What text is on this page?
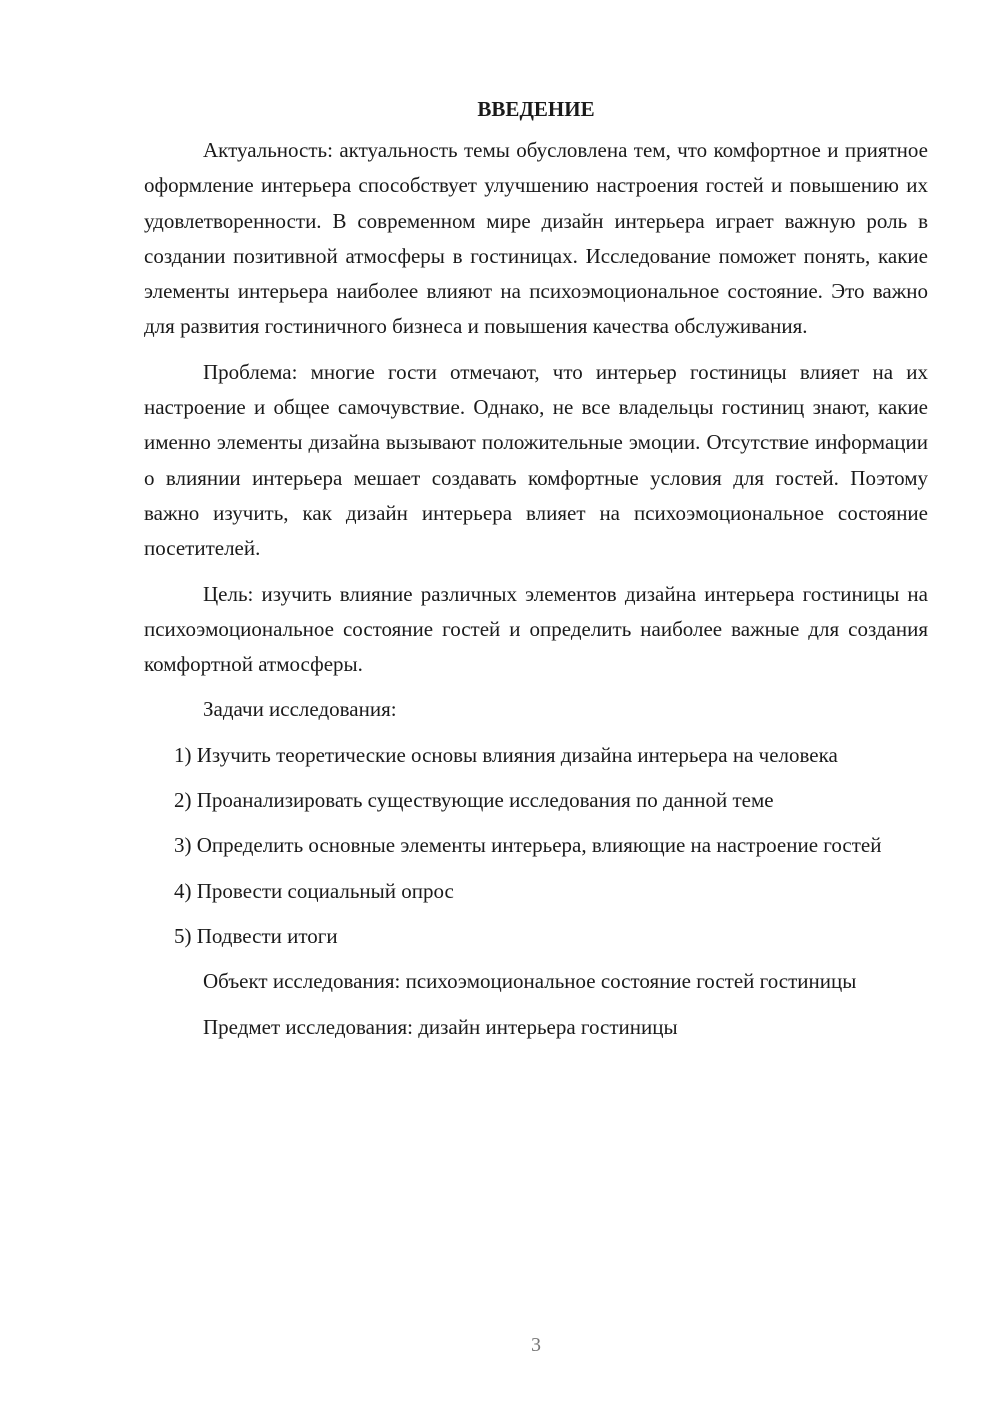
ВВЕДЕНИЕ

Актуальность: актуальность темы обусловлена тем, что комфортное и приятное оформление интерьера способствует улучшению настроения гостей и повышению их удовлетворенности. В современном мире дизайн интерьера играет важную роль в создании позитивной атмосферы в гостиницах. Исследование поможет понять, какие элементы интерьера наиболее влияют на психоэмоциональное состояние. Это важно для развития гостиничного бизнеса и повышения качества обслуживания.

Проблема: многие гости отмечают, что интерьер гостиницы влияет на их настроение и общее самочувствие. Однако, не все владельцы гостиниц знают, какие именно элементы дизайна вызывают положительные эмоции. Отсутствие информации о влиянии интерьера мешает создавать комфортные условия для гостей. Поэтому важно изучить, как дизайн интерьера влияет на психоэмоциональное состояние посетителей.

Цель: изучить влияние различных элементов дизайна интерьера гостиницы на психоэмоциональное состояние гостей и определить наиболее важные для создания комфортной атмосферы.

Задачи исследования:

1) Изучить теоретические основы влияния дизайна интерьера на человека

2) Проанализировать существующие исследования по данной теме

3) Определить основные элементы интерьера, влияющие на настроение гостей

4) Провести социальный опрос

5) Подвести итоги

Объект исследования: психоэмоциональное состояние гостей гостиницы

Предмет исследования: дизайн интерьера гостиницы

3
